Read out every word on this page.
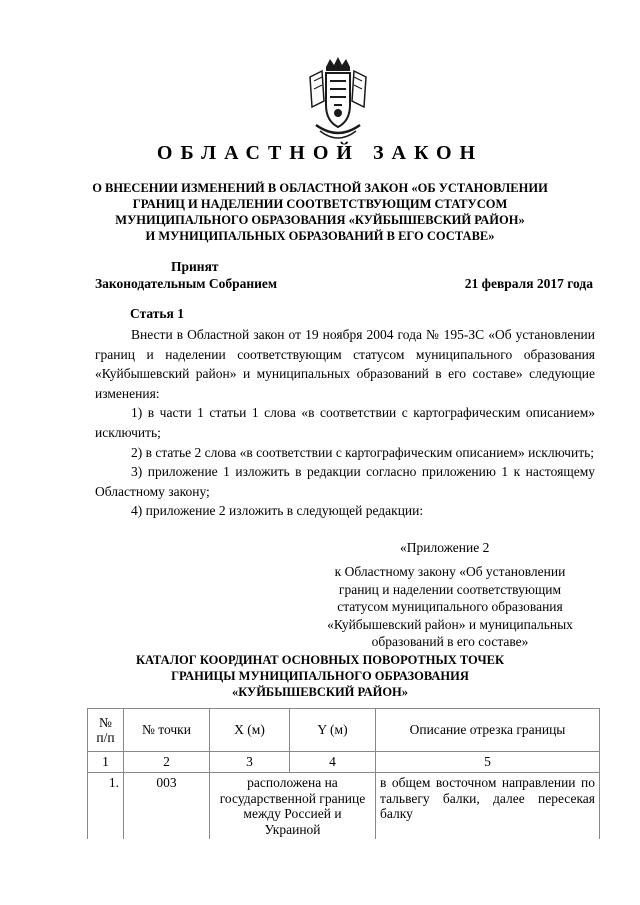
ОБЛАСТНОЙ ЗАКОН
О ВНЕСЕНИИ ИЗМЕНЕНИЙ В ОБЛАСТНОЙ ЗАКОН «ОБ УСТАНОВЛЕНИИ
ГРАНИЦ И НАДЕЛЕНИИ СООТВЕТСТВУЮЩИМ СТАТУСОМ
МУНИЦИПАЛЬНОГО ОБРАЗОВАНИЯ «КУЙБЫШЕВСКИЙ РАЙОН»
И МУНИЦИПАЛЬНЫХ ОБРАЗОВАНИЙ В ЕГО СОСТАВЕ»
Принят
Законодательным Собранием	21 февраля 2017 года
Статья 1

Внести в Областной закон от 19 ноября 2004 года № 195-ЗС «Об установлении границ и наделении соответствующим статусом муниципального образования «Куйбышевский район» и муниципальных образований в его составе» следующие изменения:

1) в части 1 статьи 1 слова «в соответствии с картографическим описанием» исключить;

2) в статье 2 слова «в соответствии с картографическим описанием» исключить;

3) приложение 1 изложить в редакции согласно приложению 1 к настоящему Областному закону;

4) приложение 2 изложить в следующей редакции:

«Приложение 2
к Областному закону «Об установлении
границ и наделении соответствующим
статусом муниципального образования
«Куйбышевский район» и муниципальных
образований в его составе»
КАТАЛОГ КООРДИНАТ ОСНОВНЫХ ПОВОРОТНЫХ ТОЧЕК
ГРАНИЦЫ МУНИЦИПАЛЬНОГО ОБРАЗОВАНИЯ
«КУЙБЫШЕВСКИЙ РАЙОН»
№ п/п	№ точки	X (м)	Y (м)	Описание отрезка границы
1	2	3	4	5
1.	003	расположена на государственной границе между Россией и Украиной		в общем восточном направлении по тальвегу балки, далее пересекая балку
